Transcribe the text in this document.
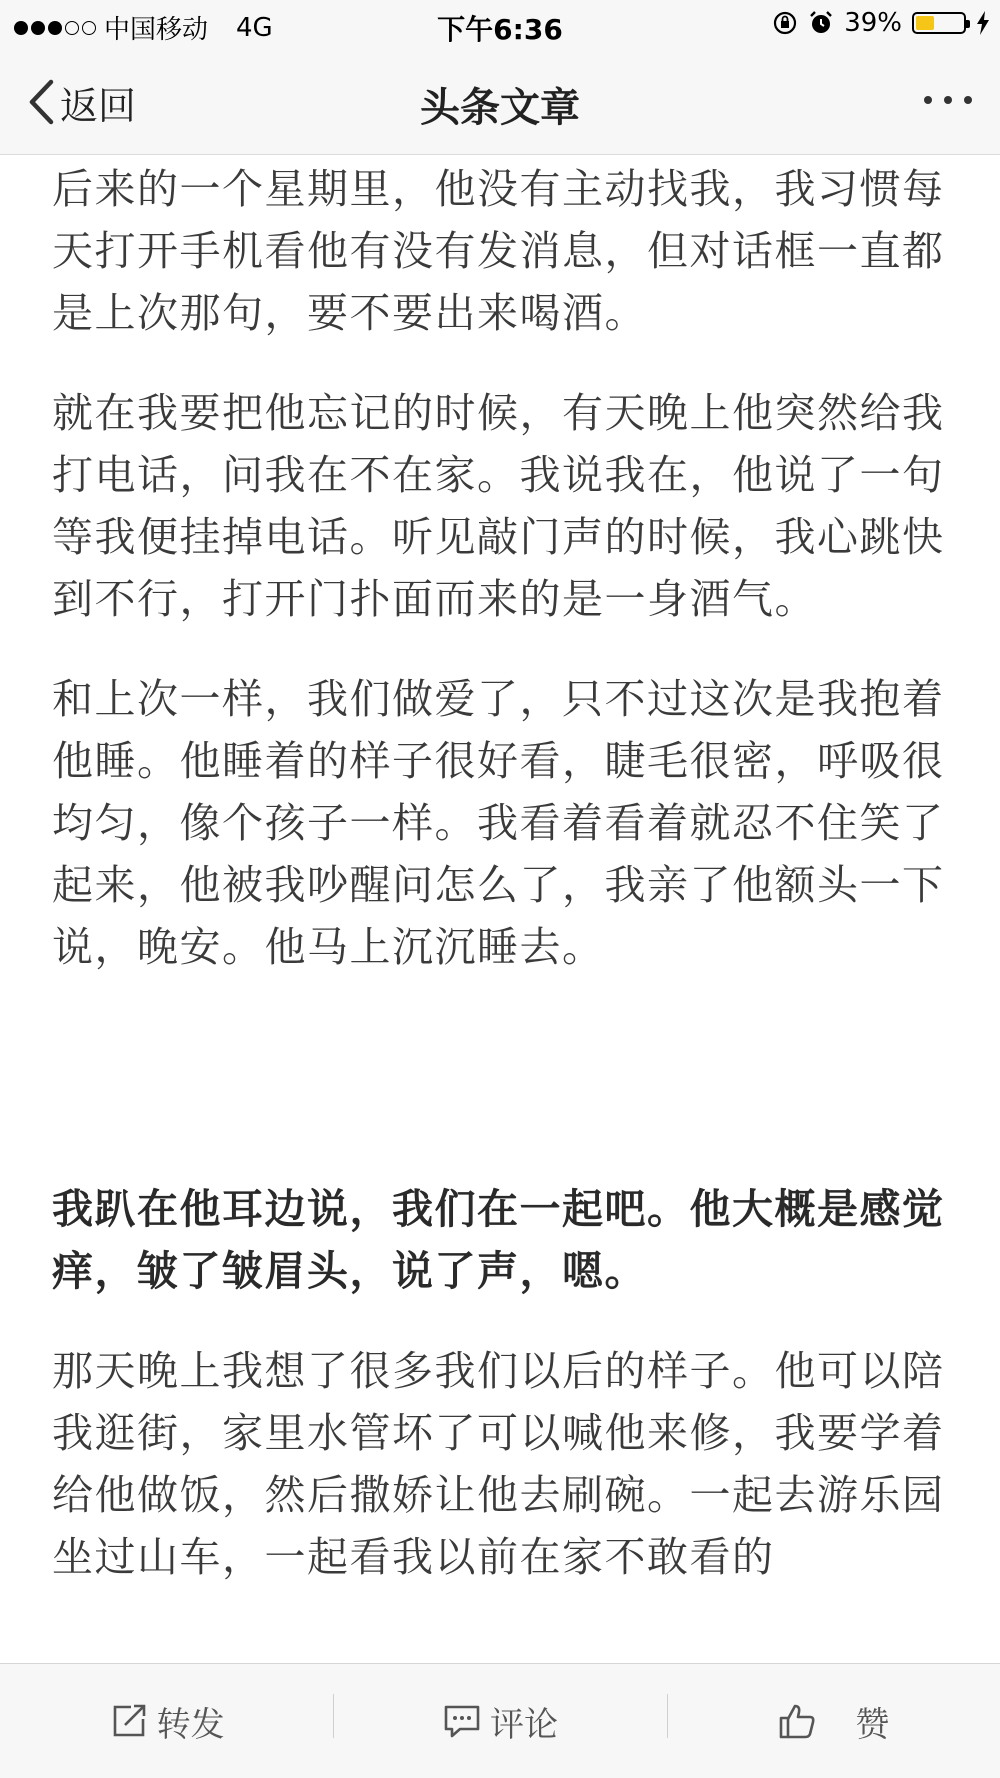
中国移动 4G	下午6:36	39%
返回	头条文章

后来的一个星期里，他没有主动找我，我习惯每天打开手机看他有没有发消息，但对话框一直都是上次那句，要不要出来喝酒。

就在我要把他忘记的时候，有天晚上他突然给我打电话，问我在不在家。我说我在，他说了一句等我便挂掉电话。听见敲门声的时候，我心跳快到不行，打开门扑面而来的是一身酒气。

和上次一样，我们做爱了，只不过这次是我抱着他睡。他睡着的样子很好看，睫毛很密，呼吸很均匀，像个孩子一样。我看着看着就忍不住笑了起来，他被我吵醒问怎么了，我亲了他额头一下说，晚安。他马上沉沉睡去。

我趴在他耳边说，我们在一起吧。他大概是感觉痒，皱了皱眉头，说了声，嗯。

那天晚上我想了很多我们以后的样子。他可以陪我逛街，家里水管坏了可以喊他来修，我要学着给他做饭，然后撒娇让他去刷碗。一起去游乐园坐过山车，一起看我以前在家不敢看的

转发	评论	赞
